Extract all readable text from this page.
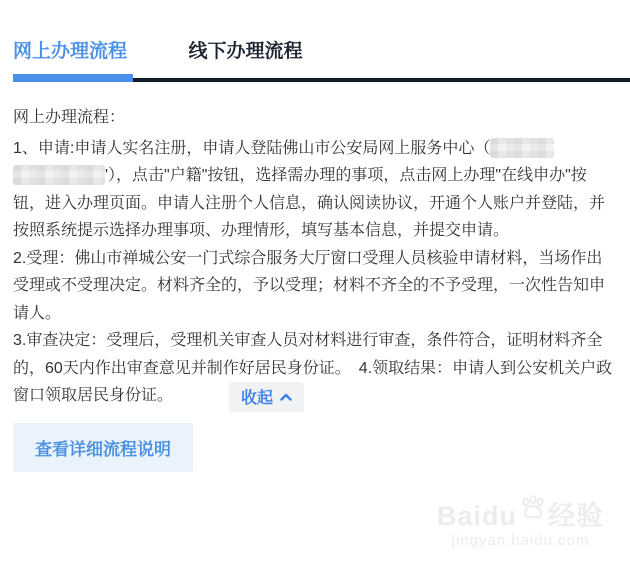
网上办理流程	线下办理流程

网上办理流程：

1、申请:申请人实名注册，申请人登陆佛山市公安局网上服务中心（ '），点击"户籍"按钮，选择需办理的事项，点击网上办理"在线申办"按钮，进入办理页面。申请人注册个人信息，确认阅读协议，开通个人账户并登陆，并按照系统提示选择办理事项、办理情形，填写基本信息，并提交申请。

2.受理：佛山市禅城公安一门式综合服务大厅窗口受理人员核验申请材料，当场作出受理或不受理决定。材料齐全的，予以受理；材料不齐全的不予受理，一次性告知申请人。

3.审查决定：受理后，受理机关审查人员对材料进行审查，条件符合，证明材料齐全的，60天内作出审查意见并制作好居民身份证。　4.领取结果：申请人到公安机关户政窗口领取居民身份证。	收起

查看详细流程说明
Baidu 经验
jingyan.baidu.com
